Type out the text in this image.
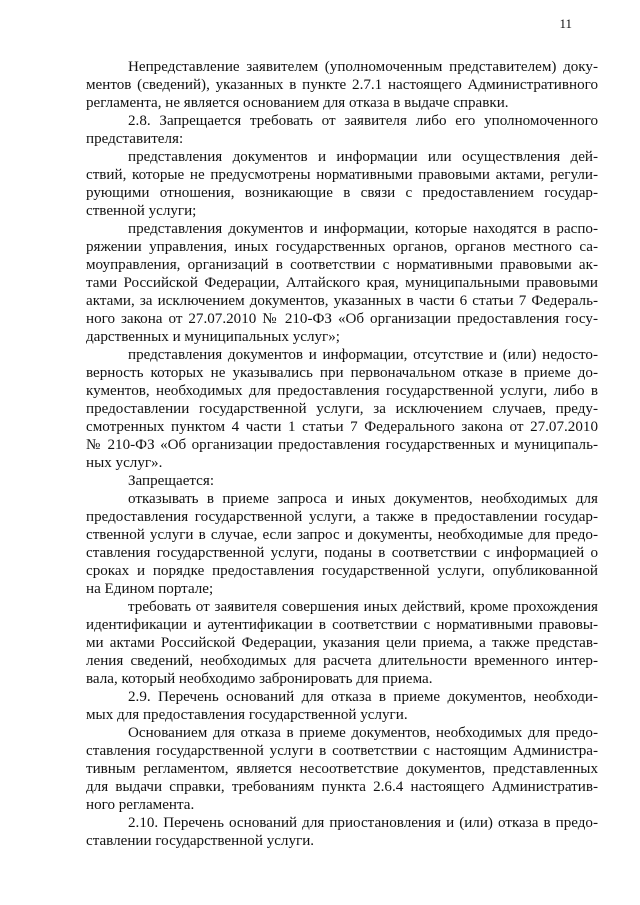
11
Непредставление заявителем (уполномоченным представителем) доку-
ментов (сведений), указанных в пункте 2.7.1 настоящего Административного
регламента, не является основанием для отказа в выдаче справки.
2.8. Запрещается требовать от заявителя либо его уполномоченного
представителя:
представления документов и информации или осуществления дей-
ствий, которые не предусмотрены нормативными правовыми актами, регули-
рующими отношения, возникающие в связи с предоставлением государ-
ственной услуги;
представления документов и информации, которые находятся в распо-
ряжении управления, иных государственных органов, органов местного са-
моуправления, организаций в соответствии с нормативными правовыми ак-
тами Российской Федерации, Алтайского края, муниципальными правовыми
актами, за исключением документов, указанных в части 6 статьи 7 Федераль-
ного закона от 27.07.2010 № 210-ФЗ «Об организации предоставления госу-
дарственных и муниципальных услуг»;
представления документов и информации, отсутствие и (или) недосто-
верность которых не указывались при первоначальном отказе в приеме до-
кументов, необходимых для предоставления государственной услуги, либо в
предоставлении государственной услуги, за исключением случаев, преду-
смотренных пунктом 4 части 1 статьи 7 Федерального закона от 27.07.2010
№ 210-ФЗ «Об организации предоставления государственных и муниципаль-
ных услуг».
Запрещается:
отказывать в приеме запроса и иных документов, необходимых для
предоставления государственной услуги, а также в предоставлении государ-
ственной услуги в случае, если запрос и документы, необходимые для предо-
ставления государственной услуги, поданы в соответствии с информацией о
сроках и порядке предоставления государственной услуги, опубликованной
на Едином портале;
требовать от заявителя совершения иных действий, кроме прохождения
идентификации и аутентификации в соответствии с нормативными правовы-
ми актами Российской Федерации, указания цели приема, а также представ-
ления сведений, необходимых для расчета длительности временного интер-
вала, который необходимо забронировать для приема.
2.9. Перечень оснований для отказа в приеме документов, необходи-
мых для предоставления государственной услуги.
Основанием для отказа в приеме документов, необходимых для предо-
ставления государственной услуги в соответствии с настоящим Администра-
тивным регламентом, является несоответствие документов, представленных
для выдачи справки, требованиям пункта 2.6.4 настоящего Административ-
ного регламента.
2.10. Перечень оснований для приостановления и (или) отказа в предо-
ставлении государственной услуги.
